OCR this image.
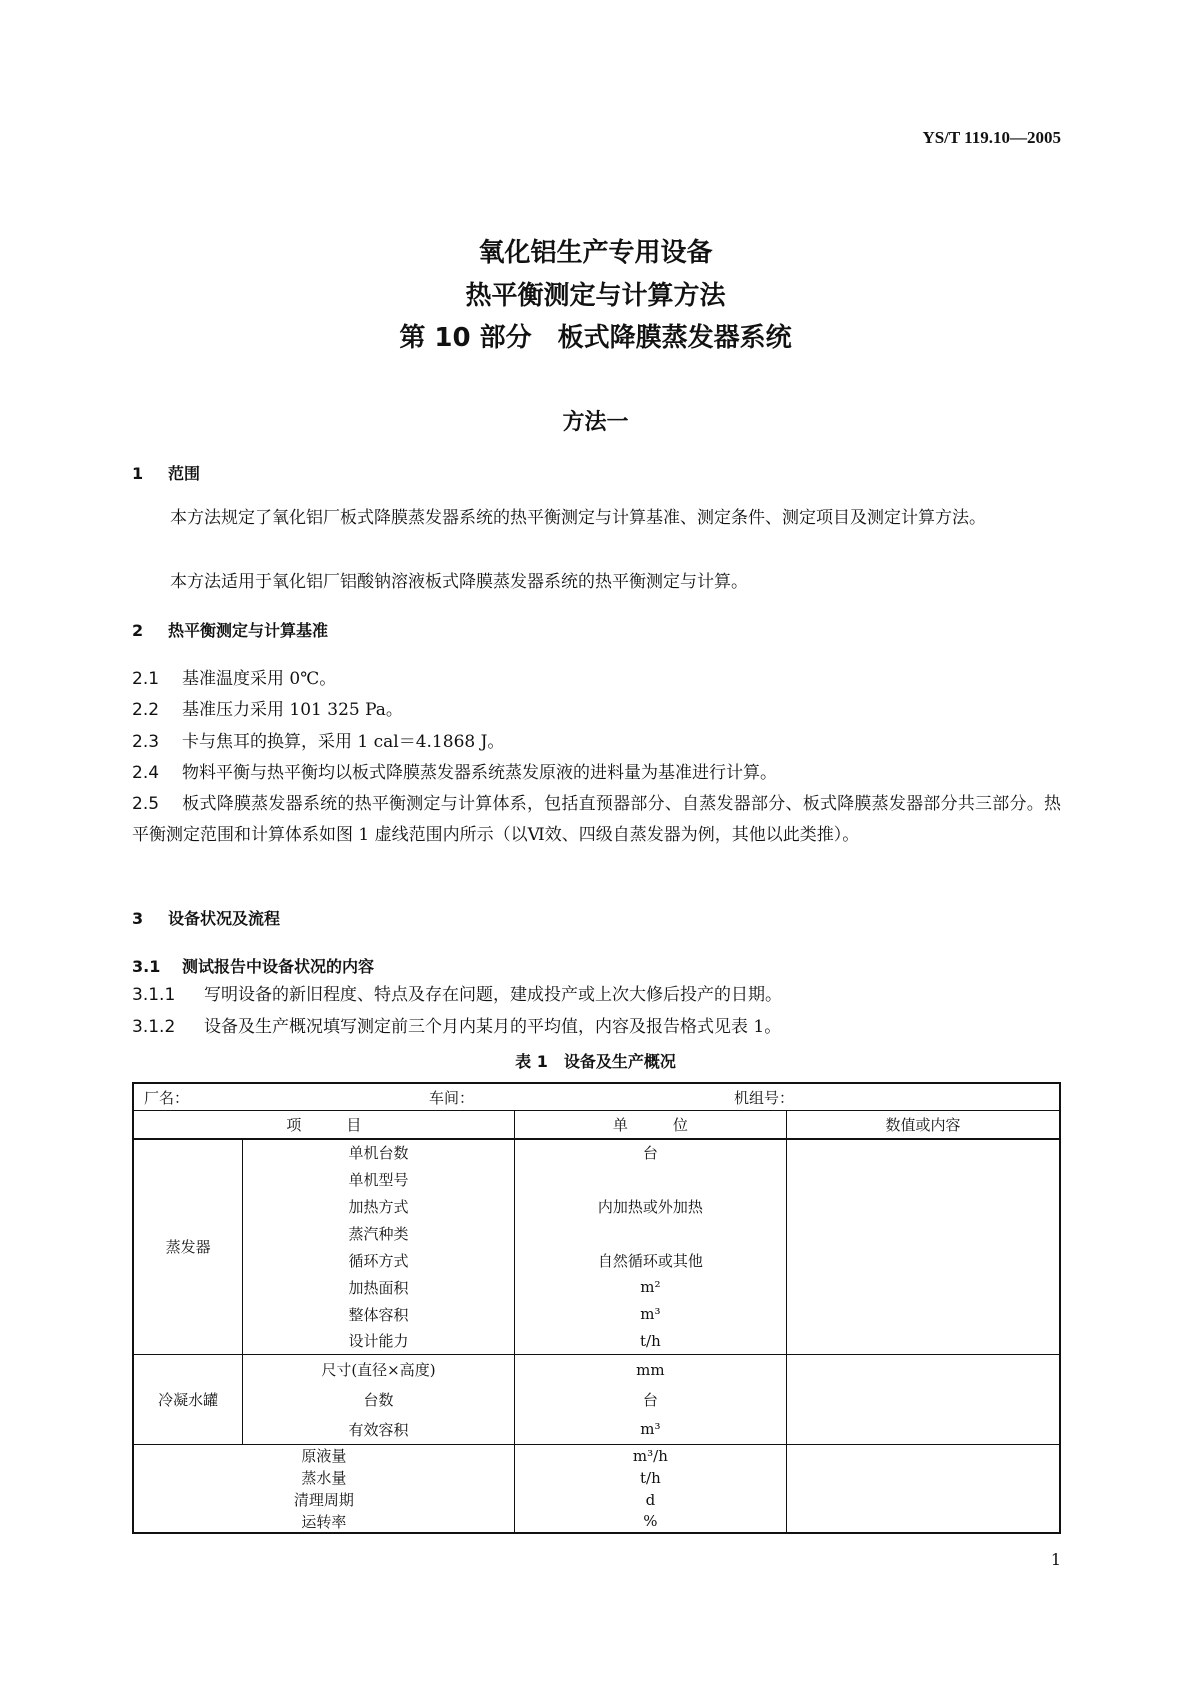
YS/T 119.10—2005
氧化铝生产专用设备
热平衡测定与计算方法
第 10 部分　板式降膜蒸发器系统
方法一
1 范围
本方法规定了氧化铝厂板式降膜蒸发器系统的热平衡测定与计算基准、测定条件、测定项目及测定计算方法。
本方法适用于氧化铝厂铝酸钠溶液板式降膜蒸发器系统的热平衡测定与计算。
2 热平衡测定与计算基准
2.1 基准温度采用 0℃。
2.2 基准压力采用 101 325 Pa。
2.3 卡与焦耳的换算，采用 1 cal＝4.1868 J。
2.4 物料平衡与热平衡均以板式降膜蒸发器系统蒸发原液的进料量为基准进行计算。
2.5 板式降膜蒸发器系统的热平衡测定与计算体系，包括直预器部分、自蒸发器部分、板式降膜蒸发器部分共三部分。热平衡测定范围和计算体系如图 1 虚线范围内所示（以Ⅵ效、四级自蒸发器为例，其他以此类推）。
3 设备状况及流程
3.1 测试报告中设备状况的内容
3.1.1 写明设备的新旧程度、特点及存在问题，建成投产或上次大修后投产的日期。
3.1.2 设备及生产概况填写测定前三个月内某月的平均值，内容及报告格式见表 1。
表 1　设备及生产概况
厂名： 车间： 机组号：			

项　　　目		单　　　位	数值或内容
蒸发器	单机台数	台	
	单机型号		
	加热方式	内加热或外加热	
	蒸汽种类		
	循环方式	自然循环或其他	
	加热面积	m²	
	整体容积	m³	
	设计能力	t/h	
冷凝水罐	尺寸(直径×高度)	mm	
	台数	台	
	有效容积	m³	
原液量		m³/h	
蒸水量		t/h	
清理周期		d	
运转率		%	
1
